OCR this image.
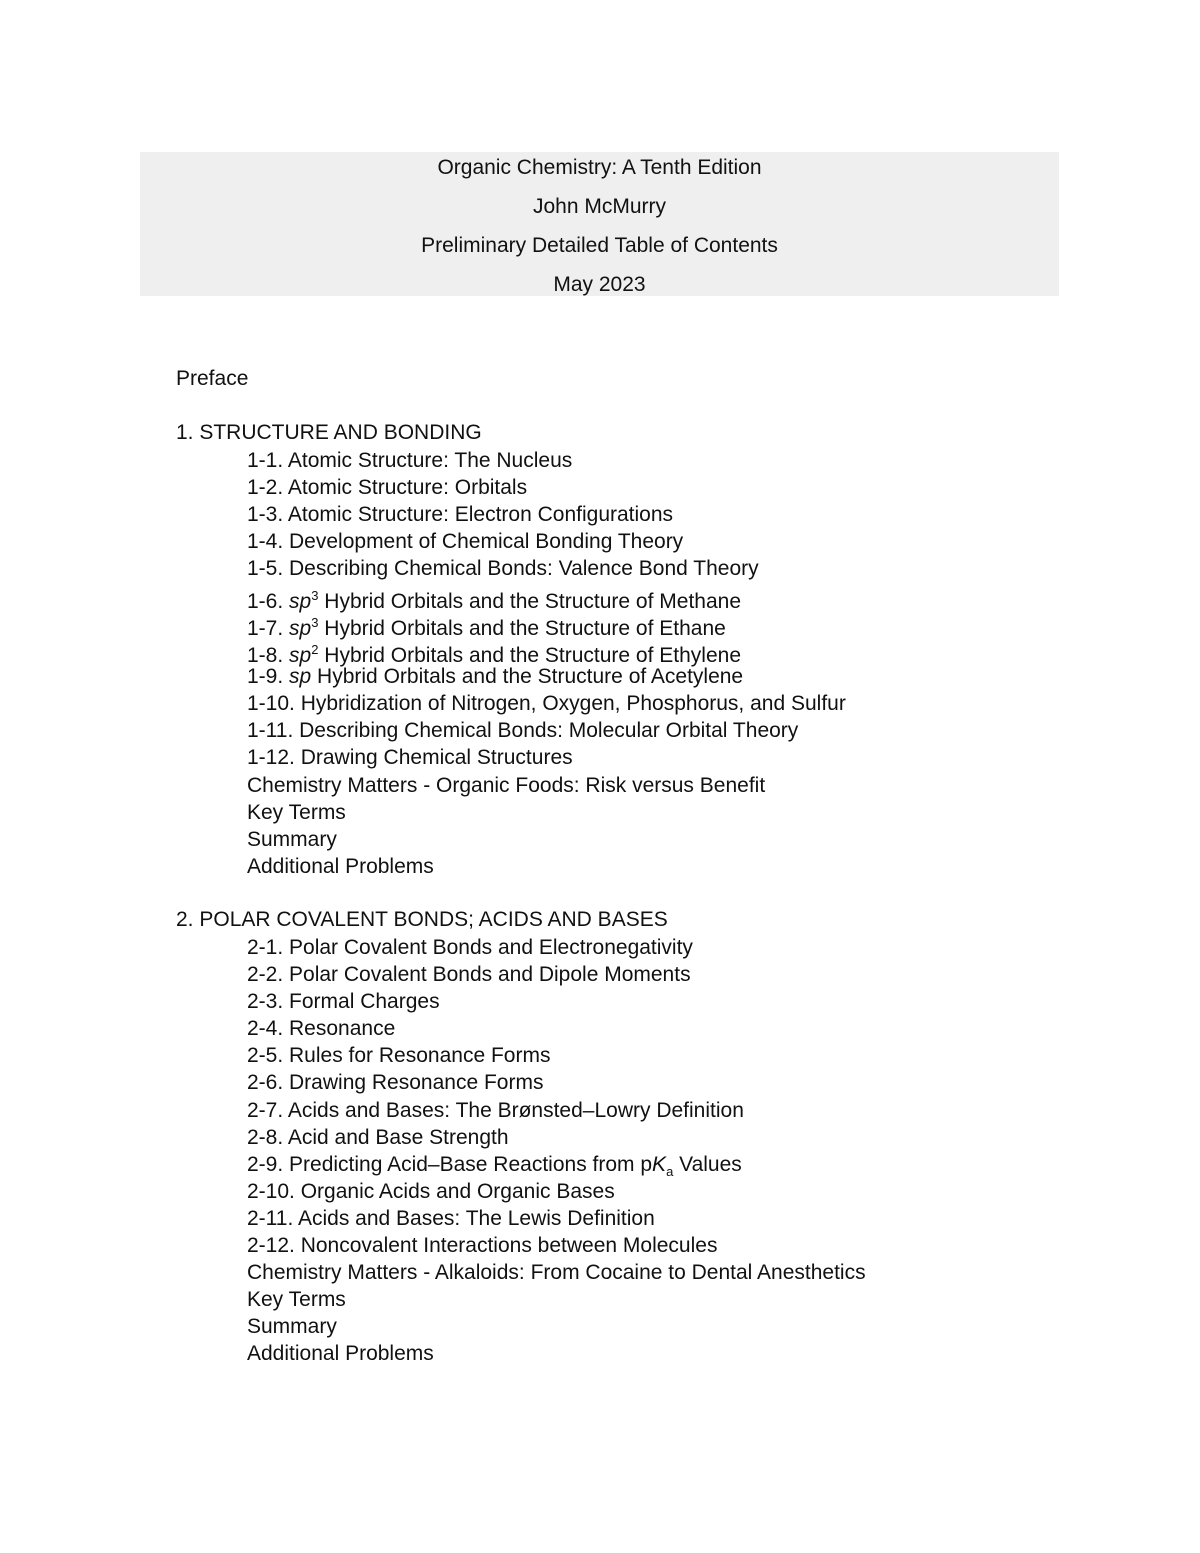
Organic Chemistry: A Tenth Edition
John McMurry
Preliminary Detailed Table of Contents
May 2023
Preface
1. STRUCTURE AND BONDING
1-1. Atomic Structure: The Nucleus
1-2. Atomic Structure: Orbitals
1-3. Atomic Structure: Electron Configurations
1-4. Development of Chemical Bonding Theory
1-5. Describing Chemical Bonds: Valence Bond Theory
1-6. $sp^3$ Hybrid Orbitals and the Structure of Methane
1-7. $sp^3$ Hybrid Orbitals and the Structure of Ethane
1-8. $sp^2$ Hybrid Orbitals and the Structure of Ethylene
1-9. sp Hybrid Orbitals and the Structure of Acetylene
1-10. Hybridization of Nitrogen, Oxygen, Phosphorus, and Sulfur
1-11. Describing Chemical Bonds: Molecular Orbital Theory
1-12. Drawing Chemical Structures
Chemistry Matters - Organic Foods: Risk versus Benefit
Key Terms
Summary
Additional Problems
2. POLAR COVALENT BONDS; ACIDS AND BASES
2-1. Polar Covalent Bonds and Electronegativity
2-2. Polar Covalent Bonds and Dipole Moments
2-3. Formal Charges
2-4. Resonance
2-5. Rules for Resonance Forms
2-6. Drawing Resonance Forms
2-7. Acids and Bases: The Brønsted–Lowry Definition
2-8. Acid and Base Strength
2-9. Predicting Acid–Base Reactions from $pK_a$ Values
2-10. Organic Acids and Organic Bases
2-11. Acids and Bases: The Lewis Definition
2-12. Noncovalent Interactions between Molecules
Chemistry Matters - Alkaloids: From Cocaine to Dental Anesthetics
Key Terms
Summary
Additional Problems
